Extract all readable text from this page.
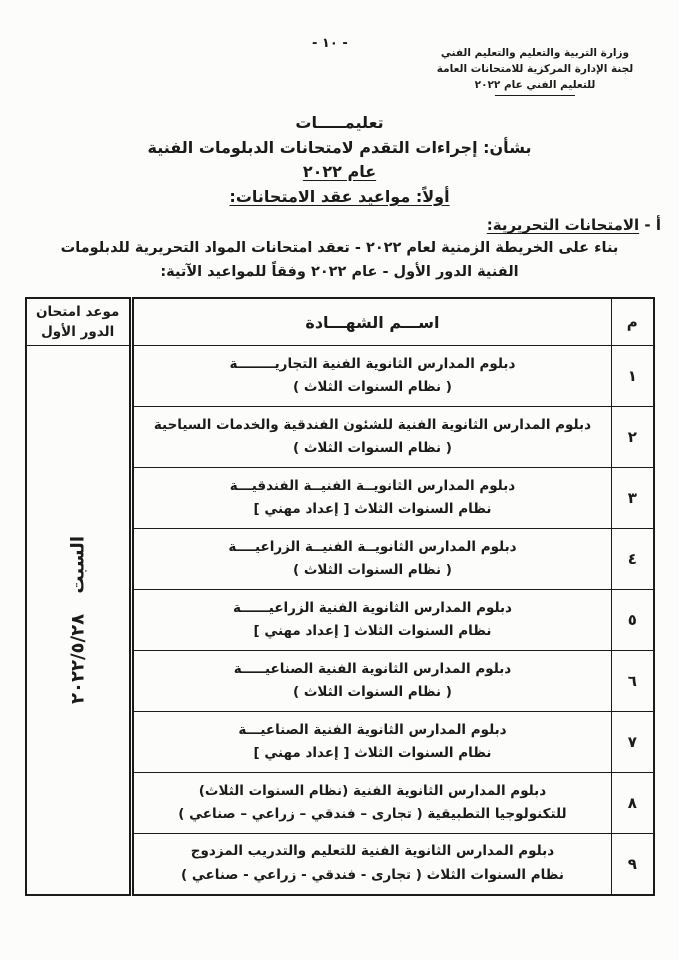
- ١٠ -
وزارة التربية والتعليم والتعليم الفني
لجنة الإدارة المركزية للامتحانات العامة
للتعليم الفني عام ٢٠٢٢
تعليمـــــات
بشأن: إجراءات التقدم لامتحانات الدبلومات الفنية
عام ٢٠٢٢
أولاً: مواعيد عقد الامتحانات:
أ - الامتحانات التحريرية:
بناء على الخريطة الزمنية لعام ٢٠٢٢ - تعقد امتحانات المواد التحريرية للدبلومات
الفنية الدور الأول - عام ٢٠٢٢ وفقاً للمواعيد الآتية:
م	اســـم الشهـــادة	موعد امتحان
الدور الأول

١	دبلوم المدارس الثانوية الفنية التجاريــــــــة
( نظام السنوات الثلاث )	السبت ٢٠٢٢/٥/٢٨

٢	دبلوم المدارس الثانوية الفنية للشئون الفندقية والخدمات السياحية
( نظام السنوات الثلاث )	

٣	دبلوم المدارس الثانويــة الفنيــة الفندقيـــة
نظام السنوات الثلاث [ إعداد مهني ]	

٤	دبلوم المدارس الثانويــة الفنيــة الزراعيــــة
( نظام السنوات الثلاث )	

٥	دبلوم المدارس الثانوية الفنية الزراعيــــــة
نظام السنوات الثلاث [ إعداد مهني ]	

٦	دبلوم المدارس الثانوية الفنية الصناعيـــــة
( نظام السنوات الثلاث )	

٧	دبلوم المدارس الثانوية الفنية الصناعيـــة
نظام السنوات الثلاث [ إعداد مهني ]	

٨	دبلوم المدارس الثانوية الفنية (نظام السنوات الثلاث)
للتكنولوجيا التطبيقية ( تجارى – فندقي – زراعي – صناعي )	

٩	دبلوم المدارس الثانوية الفنية للتعليم والتدريب المزدوج
نظام السنوات الثلاث ( تجارى - فندقي - زراعي - صناعي )	
